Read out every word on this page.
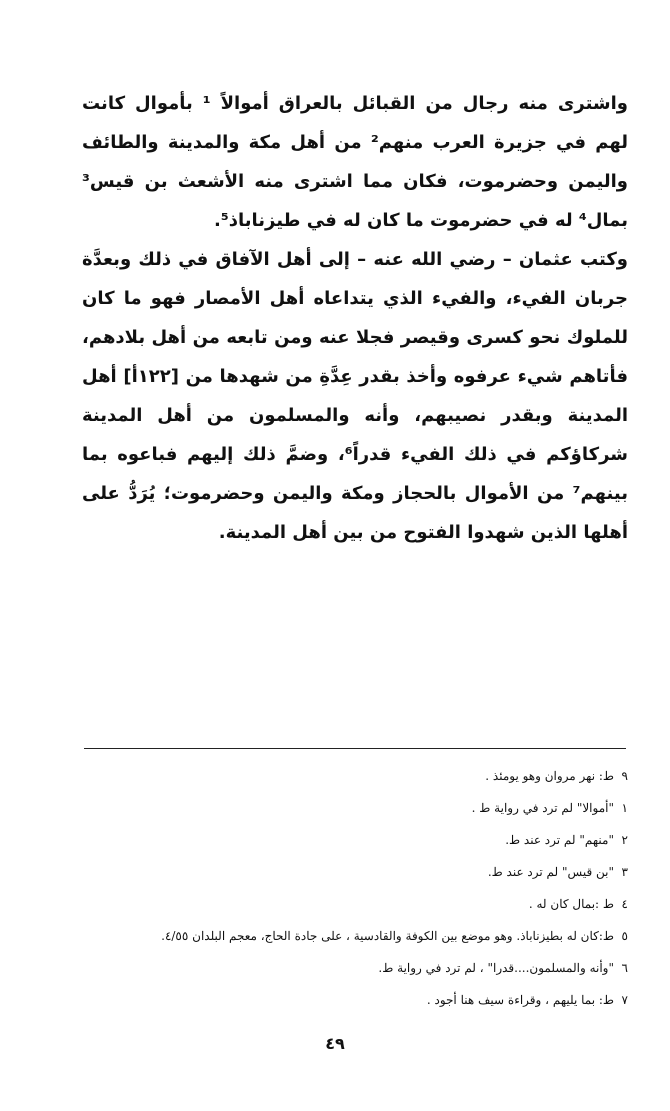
واشترى منه رجال من القبائل بالعراق أموالاً ¹ بأموال كانت لهم في جزيرة العرب منهم² من أهل مكة والمدينة والطائف واليمن وحضرموت، فكان مما اشترى منه الأشعث بن قيس³ بمال⁴ له في حضرموت ما كان له في طيزناباذ⁵.

وكتب عثمان – رضي الله عنه – إلى أهل الآفاق في ذلك وبعدَّة جربان الفيء، والفيء الذي يتداعاه أهل الأمصار فهو ما كان للملوك نحو كسرى وقيصر فجلا عنه ومن تابعه من أهل بلادهم، فأتاهم شيء عرفوه وأخذ بقدر عِدَّةِ من شهدها من [١٢٢أ] أهل المدينة وبقدر نصيبهم، وأنه والمسلمون من أهل المدينة شركاؤكم في ذلك الفيء قدراً⁶، وضمَّ ذلك إليهم فباعوه بما بينهم⁷ من الأموال بالحجاز ومكة واليمن وحضرموت؛ يُرَدُّ على أهلها الذين شهدوا الفتوح من بين أهل المدينة.

٩ط: نهر مروان وهو يومئذ .
١"أموالا" لم ترد في رواية ط .
٢"منهم" لم ترد عند ط.
٣"بن قيس" لم ترد عند ط.
٤ط :بمال كان له .
٥ط:كان له بطيزناباذ. وهو موضع بين الكوفة والقادسية ، على جادة الحاج، معجم البلدان ٤/٥٥.
٦"وأنه والمسلمون....قدرا" ، لم ترد في رواية ط.
٧ط: بما يليهم ، وقراءة سيف هنا أجود .
٤٩
